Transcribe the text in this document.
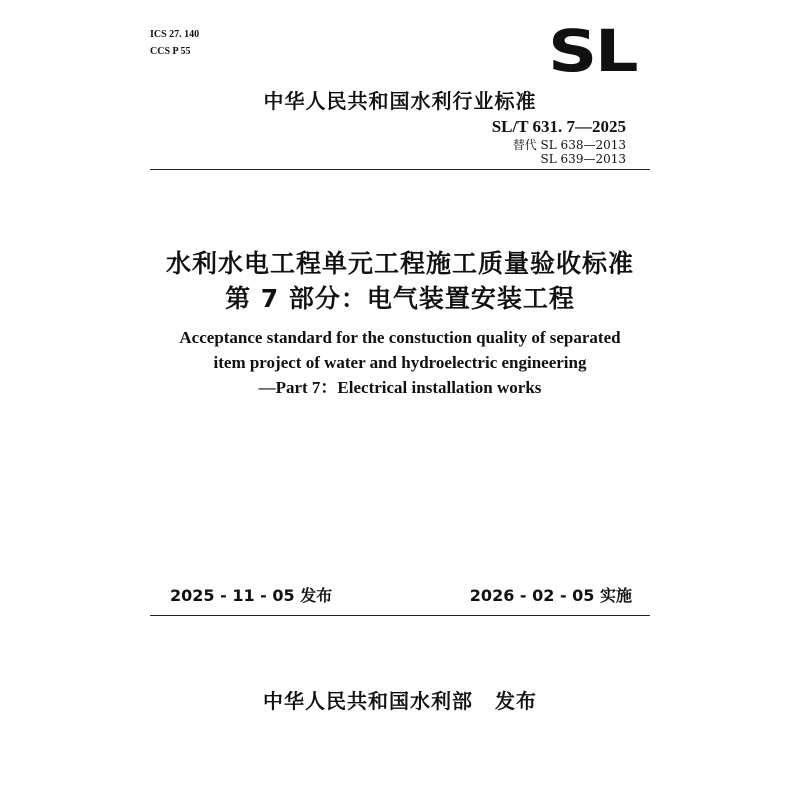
ICS 27. 140
CCS P 55	SL
中华人民共和国水利行业标准
SL/T 631. 7—2025
替代 SL 638—2013
SL 639—2013
水利水电工程单元工程施工质量验收标准
第 7 部分：电气装置安装工程
Acceptance standard for the constuction quality of separated
item project of water and hydroelectric engineering
—Part 7：Electrical installation works
2025 - 11 - 05 发布	2026 - 02 - 05 实施
中华人民共和国水利部 发布
